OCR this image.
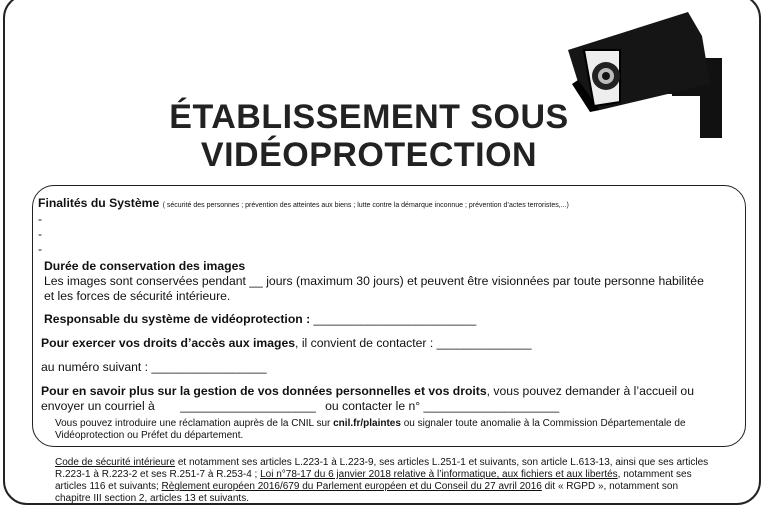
ÉTABLISSEMENT SOUS
VIDÉOPROTECTION
Finalités du Système ( sécurité des personnes ; prévention des atteintes aux biens ; lutte contre la démarque inconnue ; prévention d’actes terroristes,...)
-
-
-
Durée de conservation des images
Les images sont conservées pendant __ jours (maximum 30 jours) et peuvent être visionnées par toute personne habilitée
et les forces de sécurité intérieure.
Responsable du système de vidéoprotection : ________________________
Pour exercer vos droits d’accès aux images, il convient de contacter : ______________
au numéro suivant : _________________
Pour en savoir plus sur la gestion de vos données personnelles et vos droits, vous pouvez demander à l’accueil ou
envoyer un courriel à ____________________ ou contacter le n° ____________________
Vous pouvez introduire une réclamation auprès de la CNIL sur cnil.fr/plaintes ou signaler toute anomalie à la Commission Départementale de
Vidéoprotection ou Préfet du département.
Code de sécurité intérieure et notamment ses articles L.223-1 à L.223-9, ses articles L.251-1 et suivants, son article L.613-13, ainsi que ses articles
R.223-1 à R.223-2 et ses R.251-7 à R.253-4 ; Loi n°78-17 du 6 janvier 2018 relative à l’informatique, aux fichiers et aux libertés, notamment ses
articles 116 et suivants; Règlement européen 2016/679 du Parlement européen et du Conseil du 27 avril 2016 dit « RGPD », notamment son
chapitre III section 2, articles 13 et suivants.
